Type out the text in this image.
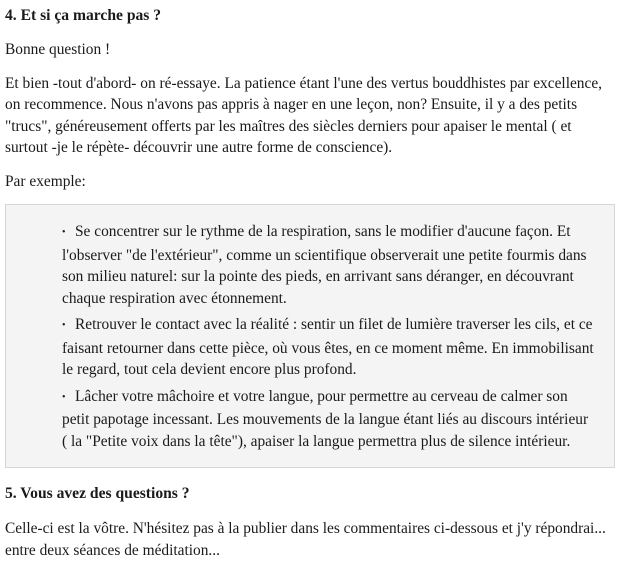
4. Et si ça marche pas ?

Bonne question !

Et bien -tout d'abord- on ré-essaye. La patience étant l'une des vertus bouddhistes par excellence, on recommence. Nous n'avons pas appris à nager en une leçon, non? Ensuite, il y a des petits "trucs", généreusement offerts par les maîtres des siècles derniers pour apaiser le mental ( et surtout -je le répète- découvrir une autre forme de conscience).

Par exemple:

• Se concentrer sur le rythme de la respiration, sans le modifier d'aucune façon. Et l'observer "de l'extérieur", comme un scientifique observerait une petite fourmis dans son milieu naturel: sur la pointe des pieds, en arrivant sans déranger, en découvrant chaque respiration avec étonnement.
• Retrouver le contact avec la réalité : sentir un filet de lumière traverser les cils, et ce faisant retourner dans cette pièce, où vous êtes, en ce moment même. En immobilisant le regard, tout cela devient encore plus profond.
• Lâcher votre mâchoire et votre langue, pour permettre au cerveau de calmer son petit papotage incessant. Les mouvements de la langue étant liés au discours intérieur ( la "Petite voix dans la tête"), apaiser la langue permettra plus de silence intérieur.
5. Vous avez des questions ?

Celle-ci est la vôtre. N'hésitez pas à la publier dans les commentaires ci-dessous et j'y répondrai... entre deux séances de méditation...
